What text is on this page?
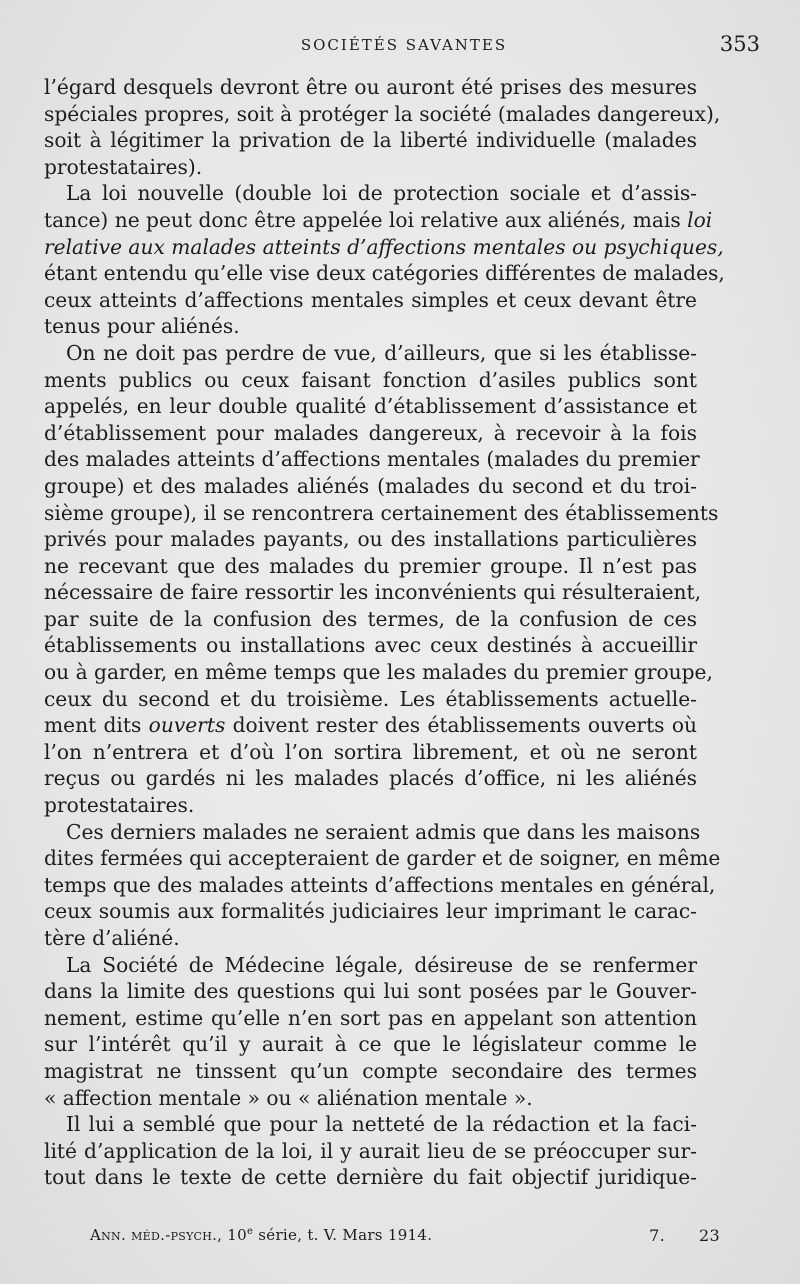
SOCIÉTÉS SAVANTES	353
l’égard desquels devront être ou auront été prises des mesures
spéciales propres, soit à protéger la société (malades dangereux),
soit à légitimer la privation de la liberté individuelle (malades
protestataires).
La loi nouvelle (double loi de protection sociale et d’assis-
tance) ne peut donc être appelée loi relative aux aliénés, mais loi
relative aux malades atteints d’affections mentales ou psychiques,
étant entendu qu’elle vise deux catégories différentes de malades,
ceux atteints d’affections mentales simples et ceux devant être
tenus pour aliénés.
On ne doit pas perdre de vue, d’ailleurs, que si les établisse-
ments publics ou ceux faisant fonction d’asiles publics sont
appelés, en leur double qualité d’établissement d’assistance et
d’établissement pour malades dangereux, à recevoir à la fois
des malades atteints d’affections mentales (malades du premier
groupe) et des malades aliénés (malades du second et du troi-
sième groupe), il se rencontrera certainement des établissements
privés pour malades payants, ou des installations particulières
ne recevant que des malades du premier groupe. Il n’est pas
nécessaire de faire ressortir les inconvénients qui résulteraient,
par suite de la confusion des termes, de la confusion de ces
établissements ou installations avec ceux destinés à accueillir
ou à garder, en même temps que les malades du premier groupe,
ceux du second et du troisième. Les établissements actuelle-
ment dits ouverts doivent rester des établissements ouverts où
l’on n’entrera et d’où l’on sortira librement, et où ne seront
reçus ou gardés ni les malades placés d’office, ni les aliénés
protestataires.
Ces derniers malades ne seraient admis que dans les maisons
dites fermées qui accepteraient de garder et de soigner, en même
temps que des malades atteints d’affections mentales en général,
ceux soumis aux formalités judiciaires leur imprimant le carac-
tère d’aliéné.
La Société de Médecine légale, désireuse de se renfermer
dans la limite des questions qui lui sont posées par le Gouver-
nement, estime qu’elle n’en sort pas en appelant son attention
sur l’intérêt qu’il y aurait à ce que le législateur comme le
magistrat ne tinssent qu’un compte secondaire des termes
« affection mentale » ou « aliénation mentale ».
Il lui a semblé que pour la netteté de la rédaction et la faci-
lité d’application de la loi, il y aurait lieu de se préoccuper sur-
tout dans le texte de cette dernière du fait objectif juridique-
Ann. méd.-psych., 10e série, t. V. Mars 1914.	7. 23
